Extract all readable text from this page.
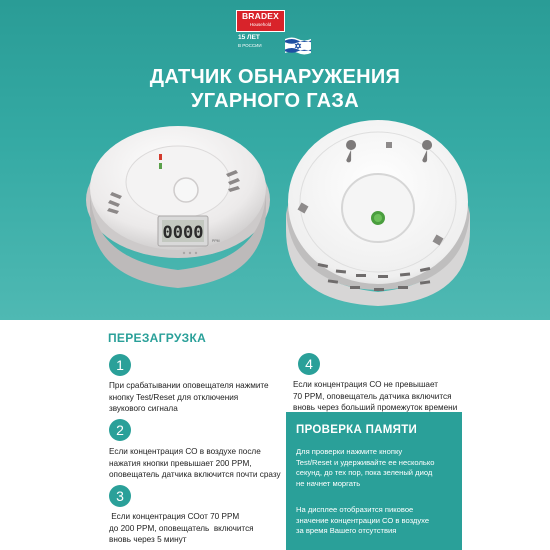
BRADEX
Household
15 ЛЕТ
В РОССИИ
ДАТЧИК ОБНАРУЖЕНИЯ
УГАРНОГО ГАЗА
0000 PPM
ПЕРЕЗАГРУЗКА
1
При срабатывании оповещателя нажмите
кнопку Test/Reset для отключения
звукового сигнала
2
Если концентрация СО в воздухе после
нажатия кнопки превышает 200 PPM,
оповещатель датчика включится почти сразу
3
Если концентрация СОот 70 PPM
до 200 PPM, оповещатель  включится
вновь через 5 минут
4
Если концентрация СО не превышает
70 PPM, оповещатель датчика включится
вновь через больший промежуток времени
ПРОВЕРКА ПАМЯТИ
Для проверки нажмите кнопку
Test/Reset и удерживайте ее несколько
секунд, до тех пор, пока зеленый диод
не начнет моргать
На дисплее отобразится пиковое
значение концентрации СО в воздухе
за время Вашего отсутствия
